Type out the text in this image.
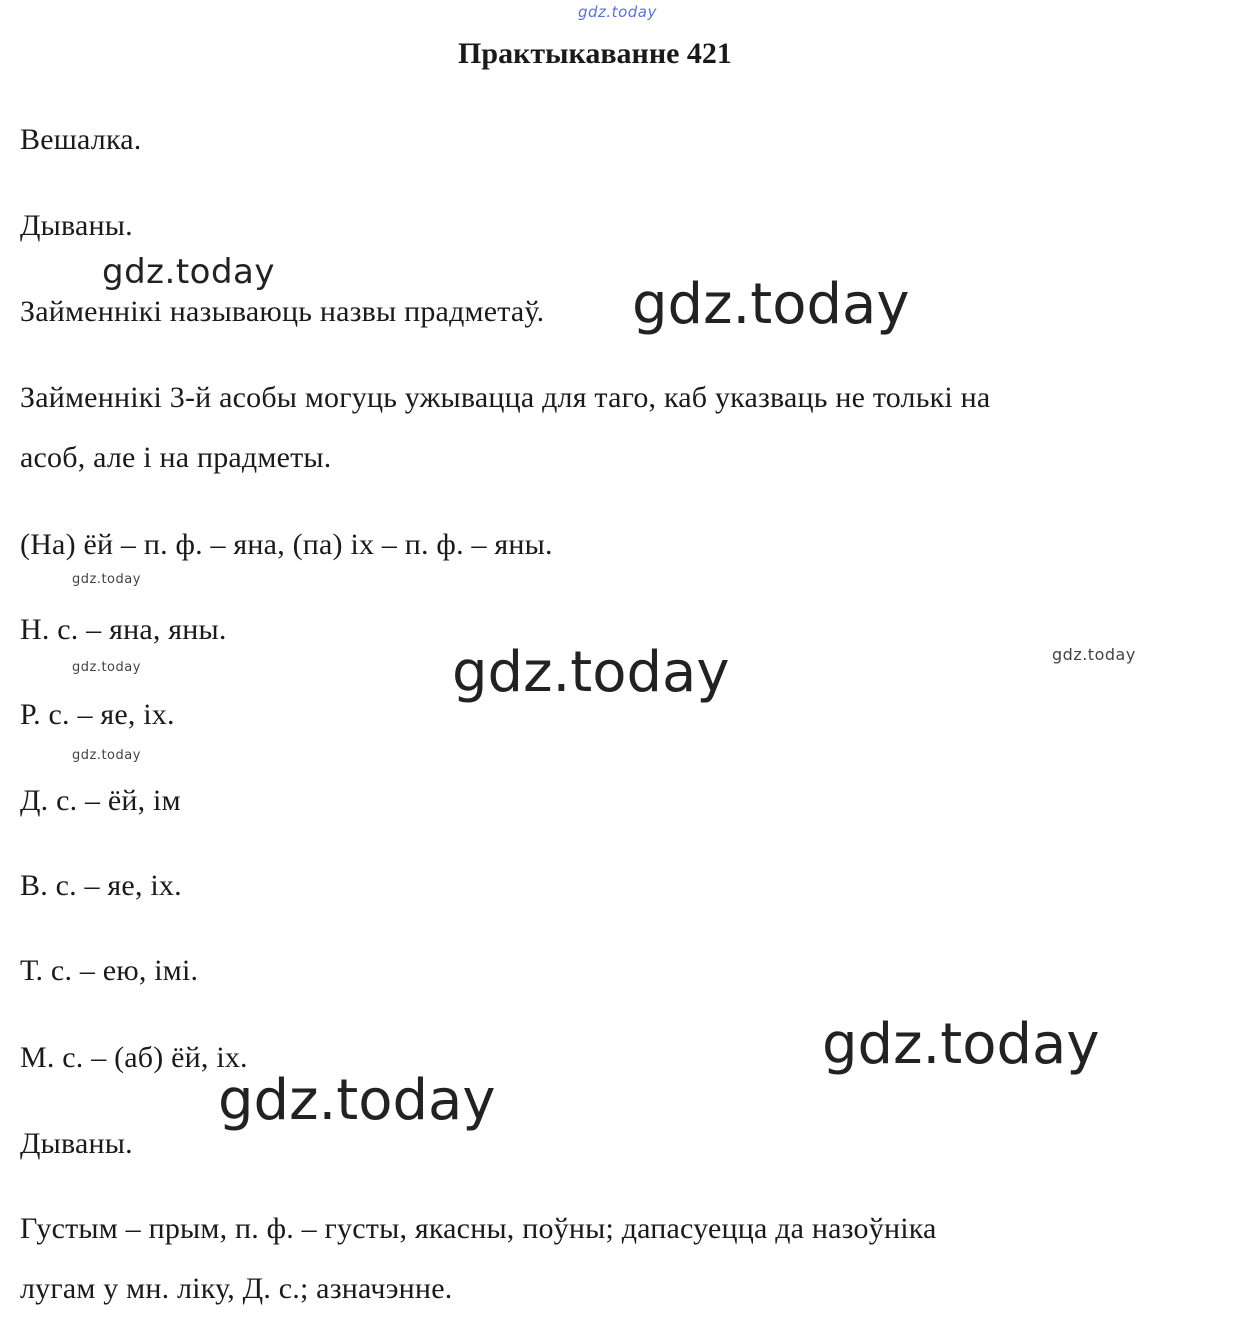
gdz.today
Практыкаванне 421
Вешалка.
Дываны.
gdz.today
Займеннікі называюць назвы прадметаў. gdz.today
Займеннікі 3-й асобы могуць ужывацца для таго, каб указваць не толькі на
асоб, але і на прадметы.
(На) ёй – п. ф. – яна, (па) іх – п. ф. – яны.
gdz.today
Н. с. – яна, яны.
gdz.today	gdz.today	gdz.today
Р. с. – яе, іх.
gdz.today
Д. с. – ёй, ім
В. с. – яе, іх.
Т. с. – ею, імі.
gdz.today
М. с. – (аб) ёй, іх.
gdz.today
Дываны.
Густым – прым, п. ф. – густы, якасны, поўны; дапасуецца да назоўніка
лугам у мн. ліку, Д. с.; азначэнне.
